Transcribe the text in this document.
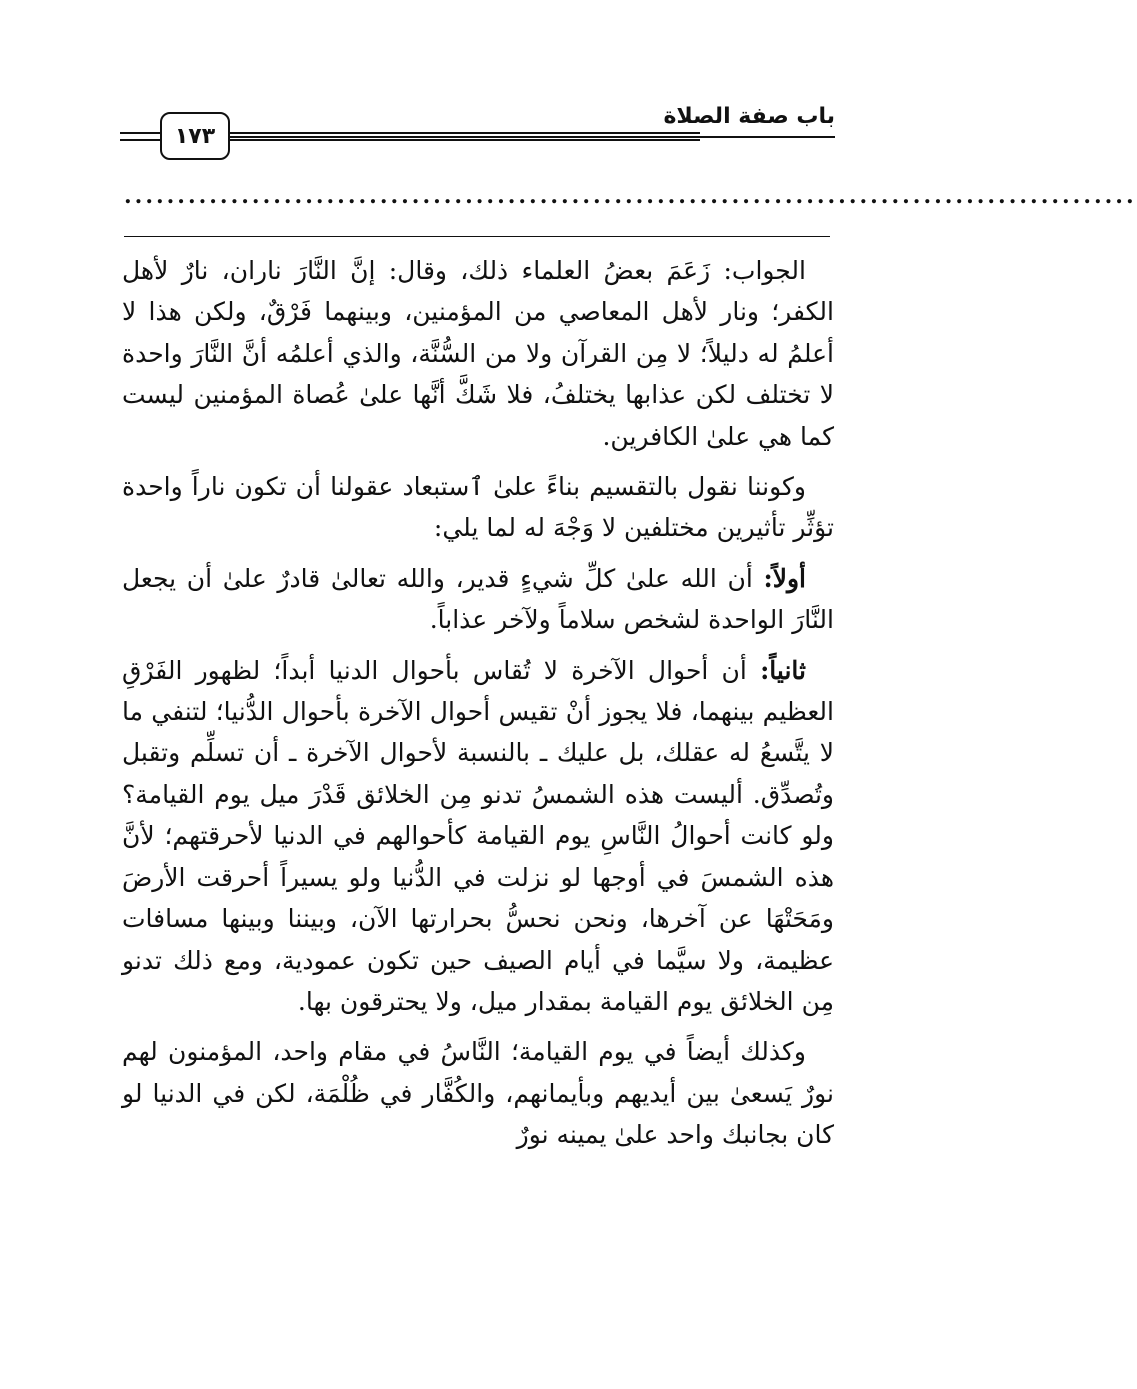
١٧٣
باب صفة الصلاة
...............................................................................................

الجواب: زَعَمَ بعضُ العلماء ذلك، وقال: إنَّ النَّارَ ناران، نارٌ لأهل الكفر؛ ونار لأهل المعاصي من المؤمنين، وبينهما فَرْقٌ، ولكن هذا لا أعلمُ له دليلاً؛ لا مِن القرآن ولا من السُّنَّة، والذي أعلمُه أنَّ النَّارَ واحدة لا تختلف لكن عذابها يختلفُ، فلا شَكَّ أنَّها علىٰ عُصاة المؤمنين ليست كما هي علىٰ الكافرين.

وكوننا نقول بالتقسيم بناءً علىٰ ٱستبعاد عقولنا أن تكون ناراً واحدة تؤثِّر تأثيرين مختلفين لا وَجْهَ له لما يلي:

أولاً: أن الله علىٰ كلِّ شيءٍ قدير، والله تعالىٰ قادرٌ علىٰ أن يجعل النَّارَ الواحدة لشخص سلاماً ولآخر عذاباً.

ثانياً: أن أحوال الآخرة لا تُقاس بأحوال الدنيا أبداً؛ لظهور الفَرْقِ العظيم بينهما، فلا يجوز أنْ تقيس أحوال الآخرة بأحوال الدُّنيا؛ لتنفي ما لا يتَّسعُ له عقلك، بل عليك ـ بالنسبة لأحوال الآخرة ـ أن تسلِّم وتقبل وتُصدِّق. أليست هذه الشمسُ تدنو مِن الخلائق قَدْرَ ميل يوم القيامة؟ ولو كانت أحوالُ النَّاسِ يوم القيامة كأحوالهم في الدنيا لأحرقتهم؛ لأنَّ هذه الشمسَ في أوجها لو نزلت في الدُّنيا ولو يسيراً أحرقت الأرضَ ومَحَتْهَا عن آخرها، ونحن نحسُّ بحرارتها الآن، وبيننا وبينها مسافات عظيمة، ولا سيَّما في أيام الصيف حين تكون عمودية، ومع ذلك تدنو مِن الخلائق يوم القيامة بمقدار ميل، ولا يحترقون بها.

وكذلك أيضاً في يوم القيامة؛ النَّاسُ في مقام واحد، المؤمنون لهم نورٌ يَسعىٰ بين أيديهم وبأيمانهم، والكُفَّار في ظُلْمَة، لكن في الدنيا لو كان بجانبك واحد علىٰ يمينه نورٌ
